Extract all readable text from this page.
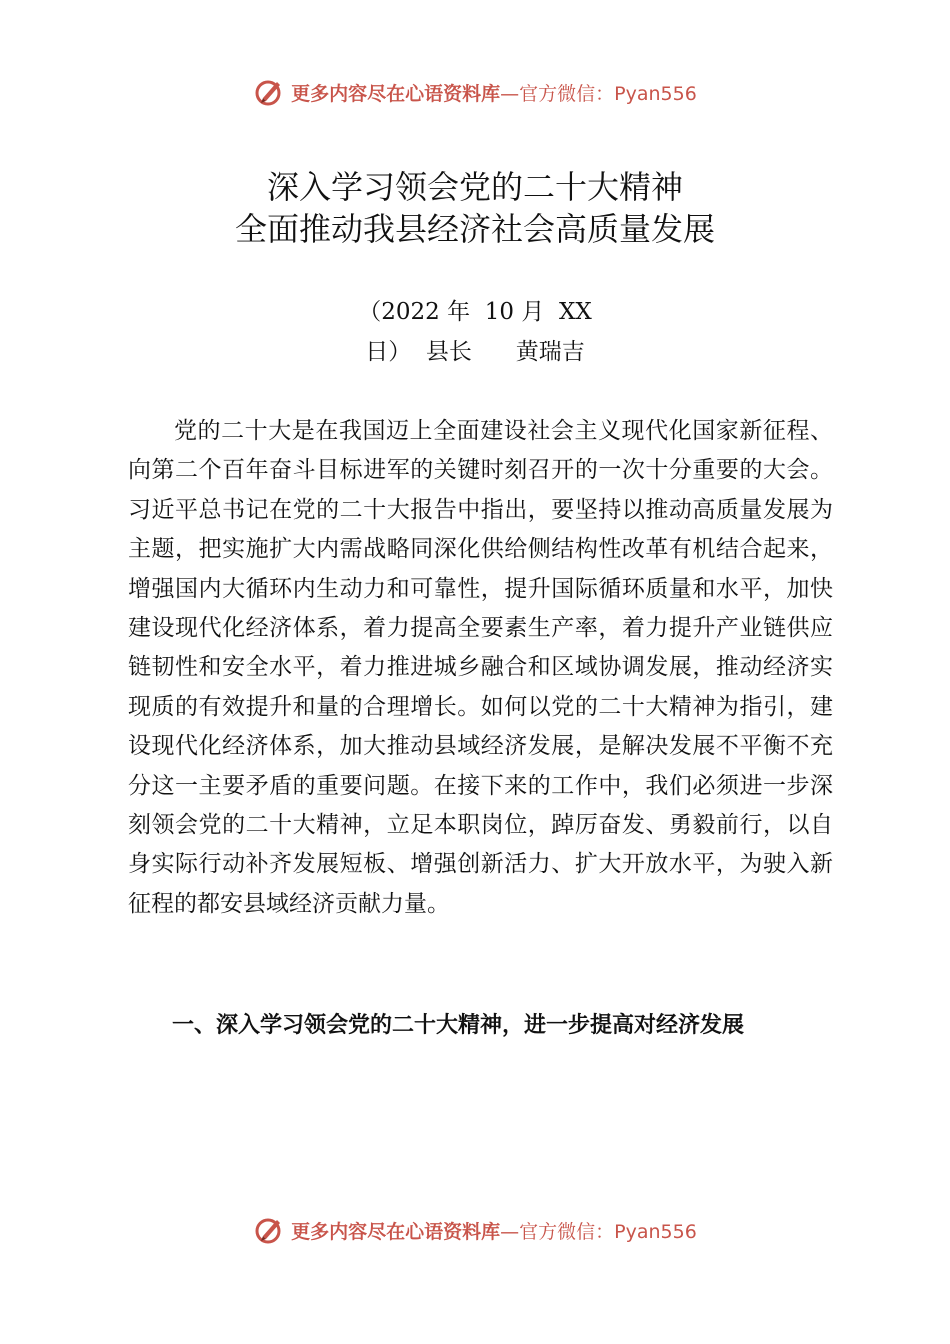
更多内容尽在心语资料库—官方微信：Pyan556
深入学习领会党的二十大精神
全面推动我县经济社会高质量发展
（2022 年  10 月  XX
日）  县长      黄瑞吉

党的二十大是在我国迈上全面建设社会主义现代化国家新征程、向第二个百年奋斗目标进军的关键时刻召开的一次十分重要的大会。习近平总书记在党的二十大报告中指出，要坚持以推动高质量发展为主题，把实施扩大内需战略同深化供给侧结构性改革有机结合起来，增强国内大循环内生动力和可靠性，提升国际循环质量和水平，加快建设现代化经济体系，着力提高全要素生产率，着力提升产业链供应链韧性和安全水平，着力推进城乡融合和区域协调发展，推动经济实现质的有效提升和量的合理增长。如何以党的二十大精神为指引，建设现代化经济体系，加大推动县域经济发展，是解决发展不平衡不充分这一主要矛盾的重要问题。在接下来的工作中，我们必须进一步深刻领会党的二十大精神，立足本职岗位，踔厉奋发、勇毅前行，以自身实际行动补齐发展短板、增强创新活力、扩大开放水平，为驶入新征程的都安县域经济贡献力量。

一、深入学习领会党的二十大精神，进一步提高对经济发展
更多内容尽在心语资料库—官方微信：Pyan556
